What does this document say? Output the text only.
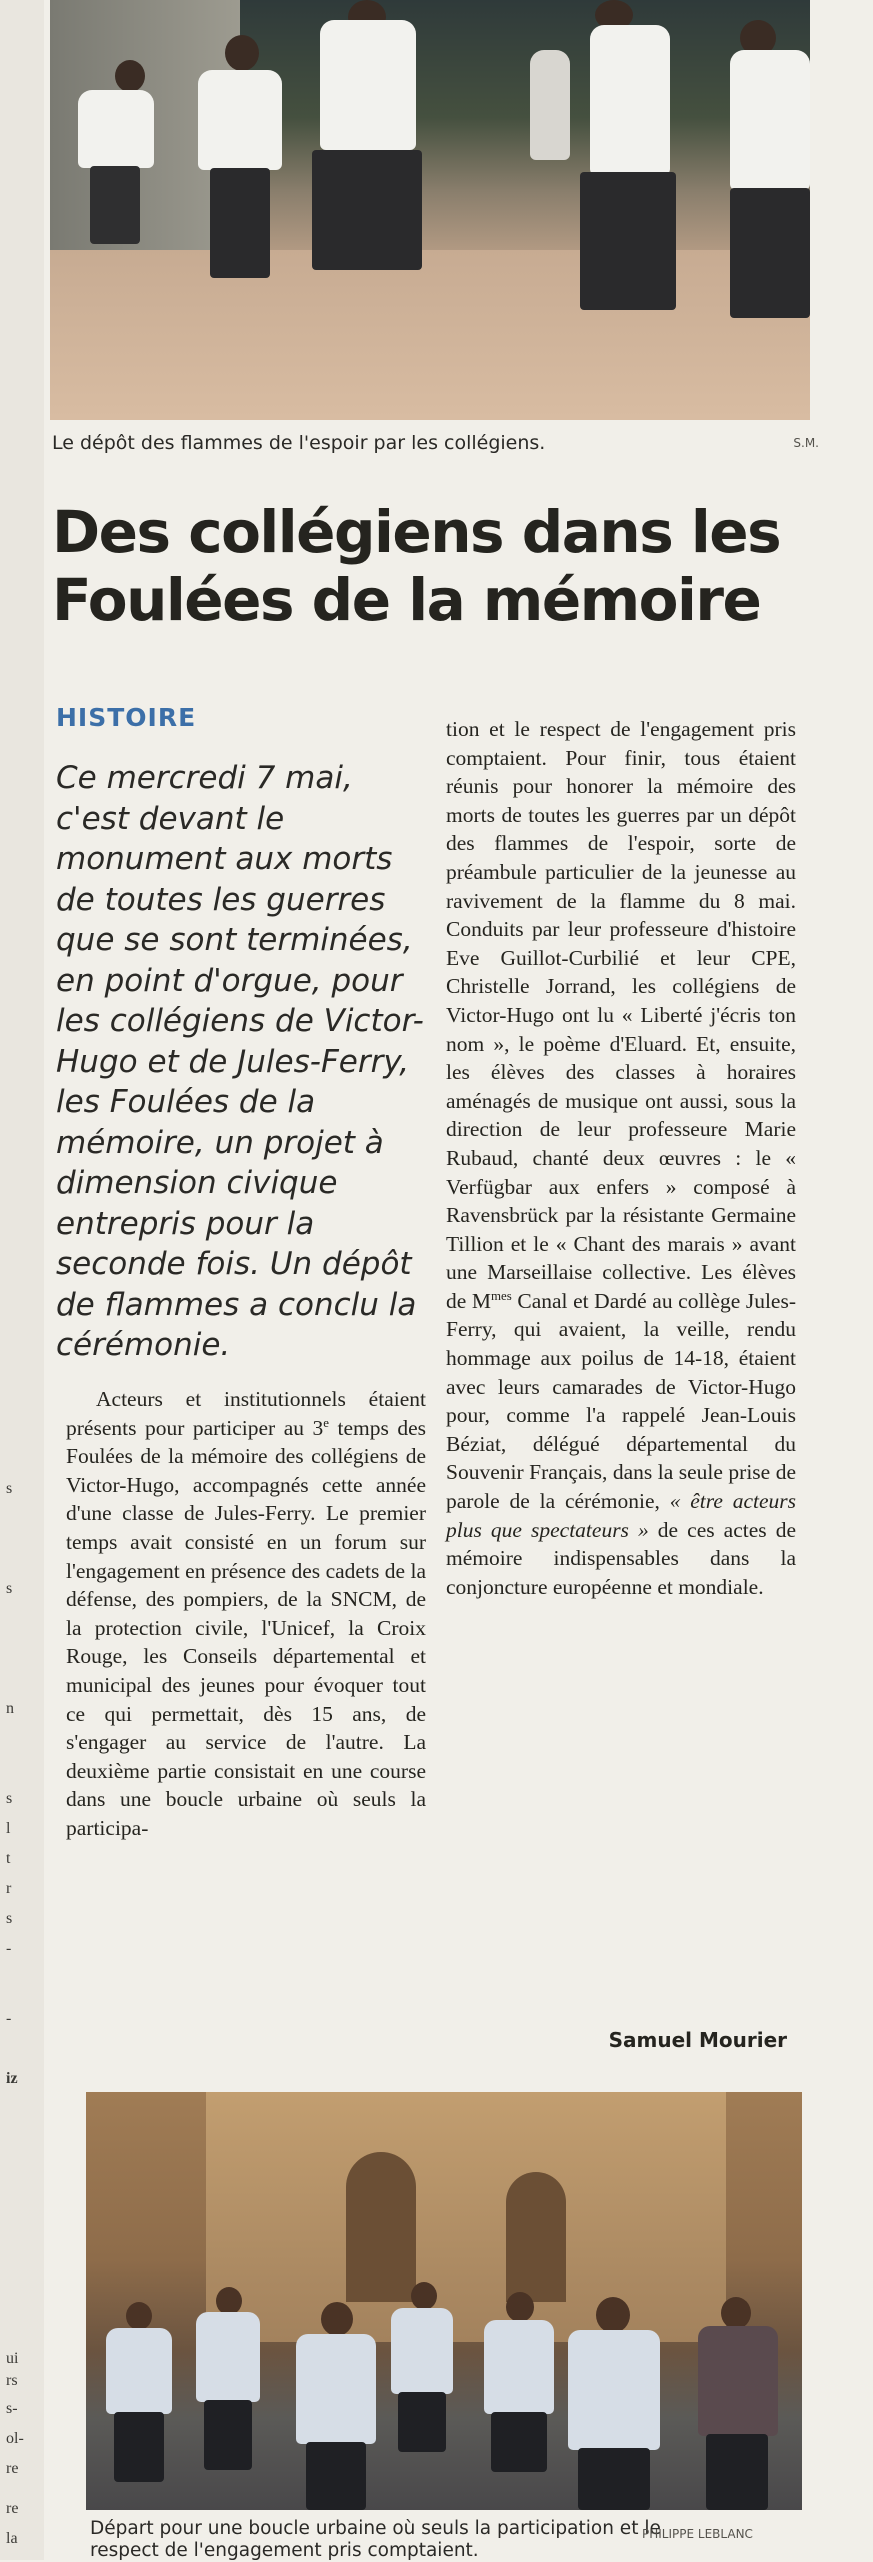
s
s
n
s
l
t
r
s
-
-
iz
ui
rs
s-
ol-
re
re
la
Le dépôt des flammes de l'espoir par les collégiens.	S.M.
Des collégiens dans les Foulées de la mémoire
HISTOIRE

Ce mercredi 7 mai, c'est devant le monument aux morts de toutes les guerres que se sont terminées, en point d'orgue, pour les collégiens de Victor-Hugo et de Jules-Ferry, les Foulées de la mémoire, un projet à dimension civique entrepris pour la seconde fois. Un dépôt de flammes a conclu la cérémonie.

Acteurs et institutionnels étaient présents pour participer au 3e temps des Foulées de la mémoire des collégiens de Victor-Hugo, accompagnés cette année d'une classe de Jules-Ferry. Le premier temps avait consisté en un forum sur l'engagement en présence des cadets de la défense, des pompiers, de la SNCM, de la protection civile, l'Unicef, la Croix Rouge, les Conseils départemental et municipal des jeunes pour évoquer tout ce qui permettait, dès 15 ans, de s'engager au service de l'autre. La deuxième partie consistait en une course dans une boucle urbaine où seuls la participa-

tion et le respect de l'engagement pris comptaient. Pour finir, tous étaient réunis pour honorer la mémoire des morts de toutes les guerres par un dépôt des flammes de l'espoir, sorte de préambule particulier de la jeunesse au ravivement de la flamme du 8 mai. Conduits par leur professeure d'histoire Eve Guillot-Curbilié et leur CPE, Christelle Jorrand, les collégiens de Victor-Hugo ont lu « Liberté j'écris ton nom », le poème d'Eluard. Et, ensuite, les élèves des classes à horaires aménagés de musique ont aussi, sous la direction de leur professeure Marie Rubaud, chanté deux œuvres : le « Verfügbar aux enfers » composé à Ravensbrück par la résistante Germaine Tillion et le « Chant des marais » avant une Marseillaise collective. Les élèves de $M^{mes}$ Canal et Dardé au collège Jules-Ferry, qui avaient, la veille, rendu hommage aux poilus de 14-18, étaient avec leurs camarades de Victor-Hugo pour, comme l'a rappelé Jean-Louis Béziat, délégué départemental du Souvenir Français, dans la seule prise de parole de la cérémonie, « être acteurs plus que spectateurs » de ces actes de mémoire indispensables dans la conjoncture européenne et mondiale.

Samuel Mourier
Départ pour une boucle urbaine où seuls la participation et le respect de l'engagement pris comptaient.
PHILIPPE LEBLANC
